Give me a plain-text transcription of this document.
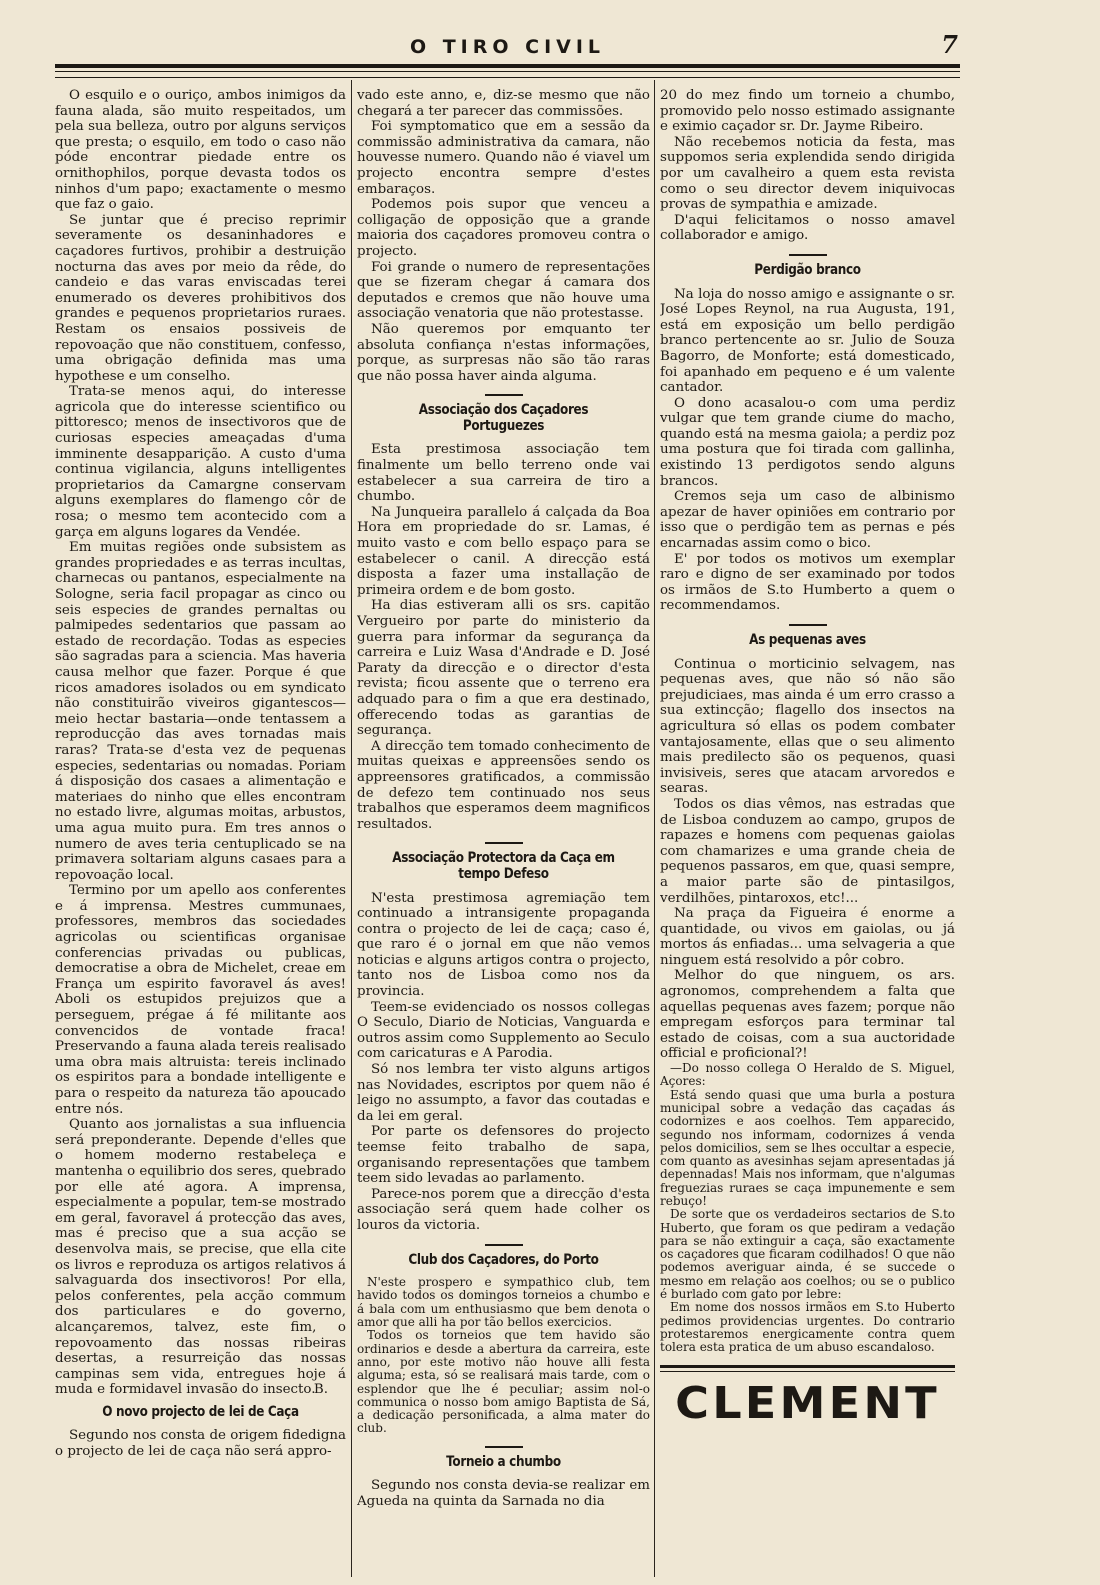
O TIRO CIVIL	7

O esquilo e o ouriço, ambos inimigos da fauna alada, são muito respeitados, um pela sua belleza, outro por alguns serviços que presta; o esquilo, em todo o caso não póde encontrar piedade entre os ornithophilos, porque devasta todos os ninhos d'um papo; exactamente o mesmo que faz o gaio.

Se juntar que é preciso reprimir severamente os desaninhadores e caçadores furtivos, prohibir a destruição nocturna das aves por meio da rêde, do candeio e das varas enviscadas terei enumerado os deveres prohibitivos dos grandes e pequenos proprietarios ruraes. Restam os ensaios possiveis de repovoação que não constituem, confesso, uma obrigação definida mas uma hypothese e um conselho.

Trata-se menos aqui, do interesse agricola que do interesse scientifico ou pittoresco; menos de insectivoros que de curiosas especies ameaçadas d'uma imminente desapparição. A custo d'uma continua vigilancia, alguns intelligentes proprietarios da Camargne conservam alguns exemplares do flamengo côr de rosa; o mesmo tem acontecido com a garça em alguns logares da Vendée.

Em muitas regiões onde subsistem as grandes propriedades e as terras incultas, charnecas ou pantanos, especialmente na Sologne, seria facil propagar as cinco ou seis especies de grandes pernaltas ou palmipedes sedentarios que passam ao estado de recordação. Todas as especies são sagradas para a sciencia. Mas haveria causa melhor que fazer. Porque é que ricos amadores isolados ou em syndicato não constituirão viveiros gigantescos—meio hectar bastaria—onde tentassem a reproducção das aves tornadas mais raras? Trata-se d'esta vez de pequenas especies, sedentarias ou nomadas. Poriam á disposição dos casaes a alimentação e materiaes do ninho que elles encontram no estado livre, algumas moitas, arbustos, uma agua muito pura. Em tres annos o numero de aves teria centuplicado se na primavera soltariam alguns casaes para a repovoação local.

Termino por um apello aos conferentes e á imprensa. Mestres cummunaes, professores, membros das sociedades agricolas ou scientificas organisae conferencias privadas ou publicas, democratise a obra de Michelet, creae em França um espirito favoravel ás aves! Aboli os estupidos prejuizos que a perseguem, prégae á fé militante aos convencidos de vontade fraca! Preservando a fauna alada tereis realisado uma obra mais altruista: tereis inclinado os espiritos para a bondade intelligente e para o respeito da natureza tão apoucado entre nós.

Quanto aos jornalistas a sua influencia será preponderante. Depende d'elles que o homem moderno restabeleça e mantenha o equilibrio dos seres, quebrado por elle até agora. A imprensa, especialmente a popular, tem-se mostrado em geral, favoravel á protecção das aves, mas é preciso que a sua acção se desenvolva mais, se precise, que ella cite os livros e reproduza os artigos relativos á salvaguarda dos insectivoros! Por ella, pelos conferentes, pela acção commum dos particulares e do governo, alcançaremos, talvez, este fim, o repovoamento das nossas ribeiras desertas, a resurreição das nossas campinas sem vida, entregues hoje á muda e formidavel invasão do insecto.

B.

O novo projecto de lei de Caça

Segundo nos consta de origem fidedigna o projecto de lei de caça não será appro-

vado este anno, e, diz-se mesmo que não chegará a ter parecer das commissões.

Foi symptomatico que em a sessão da commissão administrativa da camara, não houvesse numero. Quando não é viavel um projecto encontra sempre d'estes embaraços.

Podemos pois supor que venceu a colligação de opposição que a grande maioria dos caçadores promoveu contra o projecto.

Foi grande o numero de representações que se fizeram chegar á camara dos deputados e cremos que não houve uma associação venatoria que não protestasse.

Não queremos por emquanto ter absoluta confiança n'estas informações, porque, as surpresas não são tão raras que não possa haver ainda alguma.

Associação dos Caçadores Portuguezes

Esta prestimosa associação tem finalmente um bello terreno onde vai estabelecer a sua carreira de tiro a chumbo.

Na Junqueira parallelo á calçada da Boa Hora em propriedade do sr. Lamas, é muito vasto e com bello espaço para se estabelecer o canil. A direcção está disposta a fazer uma installação de primeira ordem e de bom gosto.

Ha dias estiveram alli os srs. capitão Vergueiro por parte do ministerio da guerra para informar da segurança da carreira e Luiz Wasa d'Andrade e D. José Paraty da direcção e o director d'esta revista; ficou assente que o terreno era adquado para o fim a que era destinado, offerecendo todas as garantias de segurança.

A direcção tem tomado conhecimento de muitas queixas e appreensões sendo os appreensores gratificados, a commissão de defezo tem continuado nos seus trabalhos que esperamos deem magnificos resultados.

Associação Protectora da Caça em tempo Defeso

N'esta prestimosa agremiação tem continuado a intransigente propaganda contra o projecto de lei de caça; caso é, que raro é o jornal em que não vemos noticias e alguns artigos contra o projecto, tanto nos de Lisboa como nos da provincia.

Teem-se evidenciado os nossos collegas O Seculo, Diario de Noticias, Vanguarda e outros assim como Supplemento ao Seculo com caricaturas e A Parodia.

Só nos lembra ter visto alguns artigos nas Novidades, escriptos por quem não é leigo no assumpto, a favor das coutadas e da lei em geral.

Por parte os defensores do projecto teemse feito trabalho de sapa, organisando representações que tambem teem sido levadas ao parlamento.

Parece-nos porem que a direcção d'esta associação será quem hade colher os louros da victoria.

Club dos Caçadores, do Porto

N'este prospero e sympathico club, tem havido todos os domingos torneios a chumbo e á bala com um enthusiasmo que bem denota o amor que alli ha por tão bellos exercicios.

Todos os torneios que tem havido são ordinarios e desde a abertura da carreira, este anno, por este motivo não houve alli festa alguma; esta, só se realisará mais tarde, com o esplendor que lhe é peculiar; assim nol-o communica o nosso bom amigo Baptista de Sá, a dedicação personificada, a alma mater do club.

Torneio a chumbo

Segundo nos consta devia-se realizar em Agueda na quinta da Sarnada no dia

20 do mez findo um torneio a chumbo, promovido pelo nosso estimado assignante e eximio caçador sr. Dr. Jayme Ribeiro.

Não recebemos noticia da festa, mas suppomos seria explendida sendo dirigida por um cavalheiro a quem esta revista como o seu director devem iniquivocas provas de sympathia e amizade.

D'aqui felicitamos o nosso amavel collaborador e amigo.

Perdigão branco

Na loja do nosso amigo e assignante o sr. José Lopes Reynol, na rua Augusta, 191, está em exposição um bello perdigão branco pertencente ao sr. Julio de Souza Bagorro, de Monforte; está domesticado, foi apanhado em pequeno e é um valente cantador.

O dono acasalou-o com uma perdiz vulgar que tem grande ciume do macho, quando está na mesma gaiola; a perdiz poz uma postura que foi tirada com gallinha, existindo 13 perdigotos sendo alguns brancos.

Cremos seja um caso de albinismo apezar de haver opiniões em contrario por isso que o perdigão tem as pernas e pés encarnadas assim como o bico.

E' por todos os motivos um exemplar raro e digno de ser examinado por todos os irmãos de S.to Humberto a quem o recommendamos.

As pequenas aves

Continua o morticinio selvagem, nas pequenas aves, que não só não são prejudiciaes, mas ainda é um erro crasso a sua extincção; flagello dos insectos na agricultura só ellas os podem combater vantajosamente, ellas que o seu alimento mais predilecto são os pequenos, quasi invisiveis, seres que atacam arvoredos e searas.

Todos os dias vêmos, nas estradas que de Lisboa conduzem ao campo, grupos de rapazes e homens com pequenas gaiolas com chamarizes e uma grande cheia de pequenos passaros, em que, quasi sempre, a maior parte são de pintasilgos, verdilhões, pintaroxos, etc!...

Na praça da Figueira é enorme a quantidade, ou vivos em gaiolas, ou já mortos ás enfiadas... uma selvageria a que ninguem está resolvido a pôr cobro.

Melhor do que ninguem, os ars. agronomos, comprehendem a falta que aquellas pequenas aves fazem; porque não empregam esforços para terminar tal estado de coisas, com a sua auctoridade official e proficional?!

—Do nosso collega O Heraldo de S. Miguel, Açores:

Está sendo quasi que uma burla a postura municipal sobre a vedação das caçadas ás codornizes e aos coelhos. Tem apparecido, segundo nos informam, codornizes á venda pelos domicilios, sem se lhes occultar a especie, com quanto as avesinhas sejam apresentadas já depennadas! Mais nos informam, que n'algumas freguezias ruraes se caça impunemente e sem rebuço!

De sorte que os verdadeiros sectarios de S.to Huberto, que foram os que pediram a vedação para se não extinguir a caça, são exactamente os caçadores que ficaram codilhados! O que não podemos averiguar ainda, é se succede o mesmo em relação aos coelhos; ou se o publico é burlado com gato por lebre:

Em nome dos nossos irmãos em S.to Huberto pedimos providencias urgentes. Do contrario protestaremos energicamente contra quem tolera esta pratica de um abuso escandaloso.

CLEMENT
